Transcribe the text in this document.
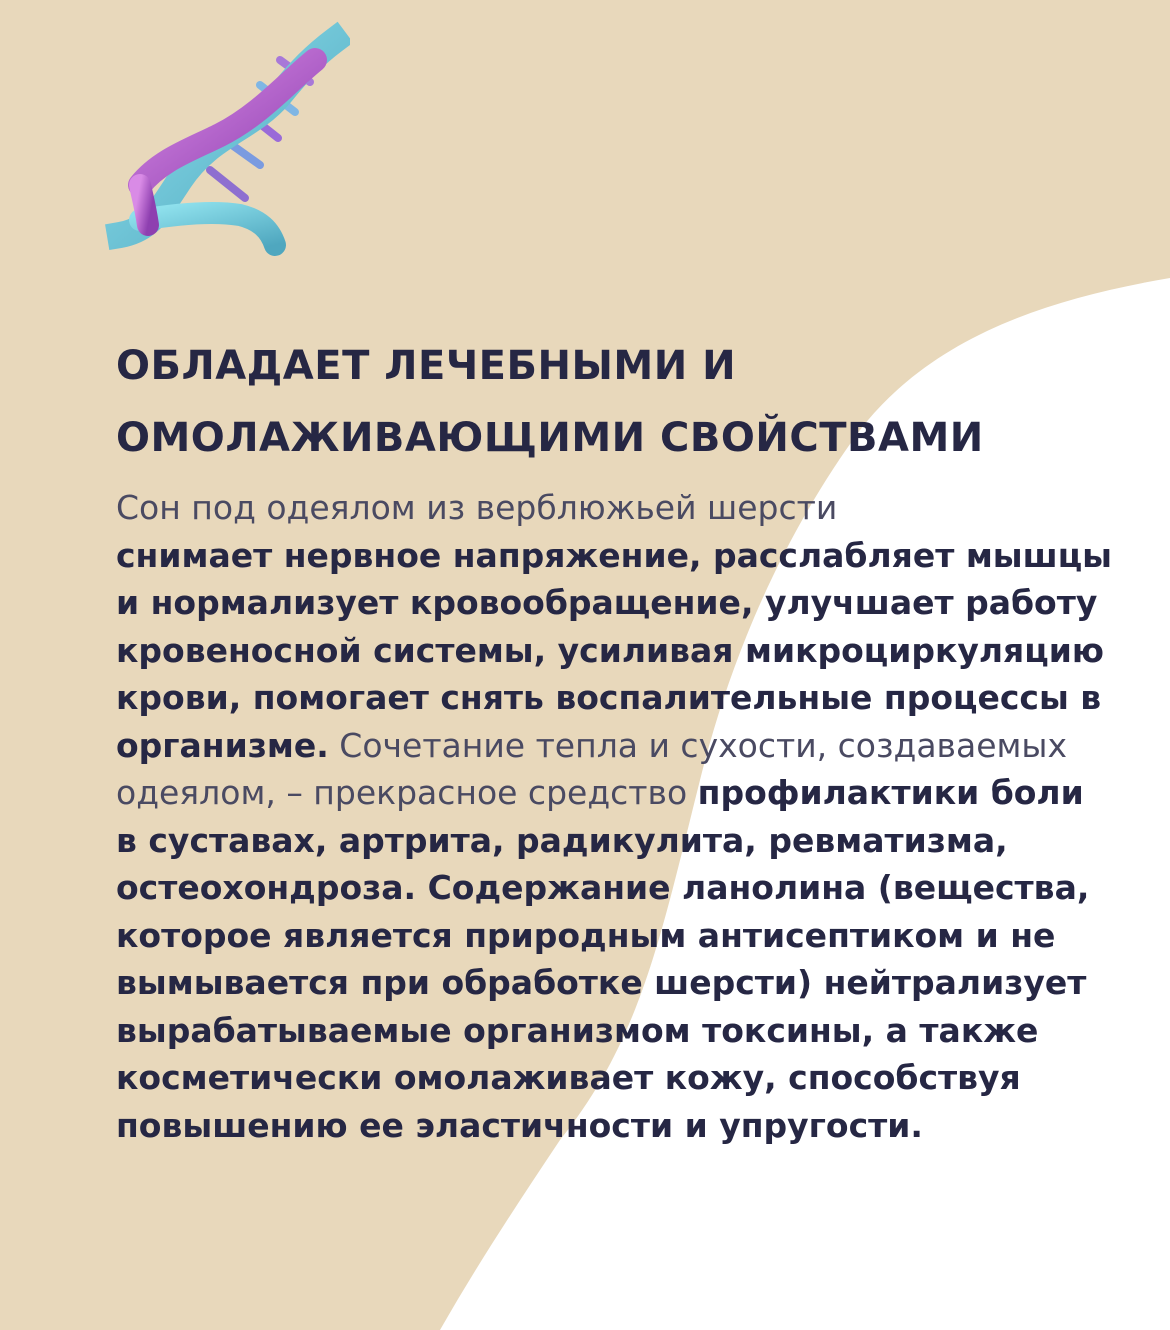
ОБЛАДАЕТ ЛЕЧЕБНЫМИ И
ОМОЛАЖИВАЮЩИМИ СВОЙСТВАМИ

Сон под одеялом из верблюжьей шерсти
снимает нервное напряжение, расслабляет мышцы и нормализует кровообращение, улучшает работу кровеносной системы, усиливая микроциркуляцию крови, помогает снять воспалительные процессы в организме. Сочетание тепла и сухости, создаваемых одеялом, – прекрасное средство профилактики боли в суставах, артрита, радикулита, ревматизма, остеохондроза. Содержание ланолина (вещества, которое является природным антисептиком и не вымывается при обработке шерсти) нейтрализует вырабатываемые организмом токсины, а также косметически омолаживает кожу, способствуя повышению ее эластичности и упругости.
